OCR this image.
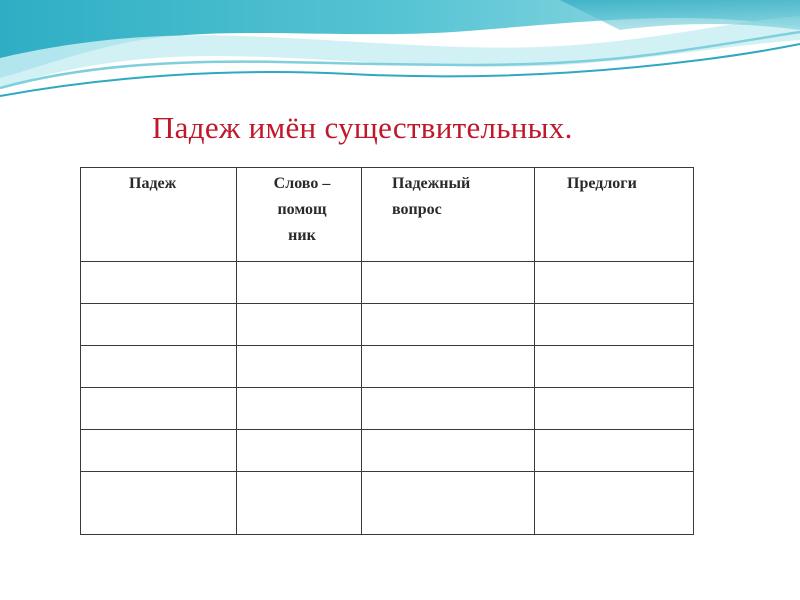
Падеж имён существительных.
Падеж	Слово – помощ ник	Падежный вопрос	Предлоги
